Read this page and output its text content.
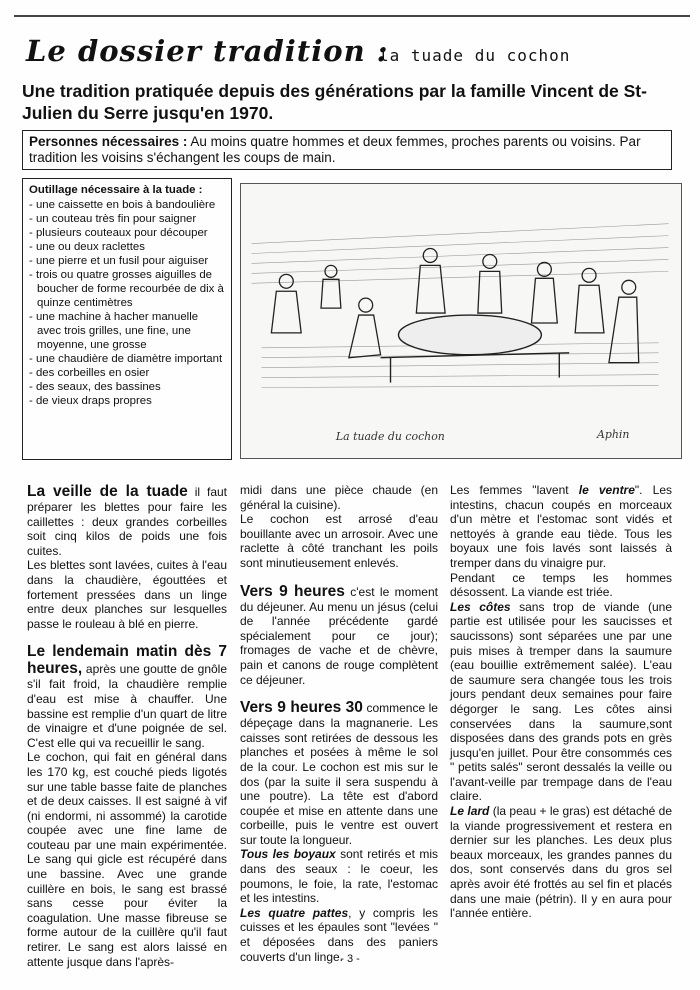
Le dossier tradition :
la tuade du cochon
Une tradition pratiquée depuis des générations par la famille Vincent de St-Julien du Serre jusqu'en 1970.
Personnes nécessaires : Au moins quatre hommes et deux femmes, proches parents ou voisins. Par tradition les voisins s'échangent les coups de main.
Outillage nécessaire à la tuade :
- une caissette en bois à bandoulière
- un couteau très fin pour saigner
- plusieurs couteaux pour découper
- une ou deux raclettes
- une pierre et un fusil pour aiguiser
- trois ou quatre grosses aiguilles de boucher de forme recourbée de dix à quinze centimètres
- une machine à hacher manuelle avec trois grilles, une fine, une moyenne, une grosse
- une chaudière de diamètre important
- des corbeilles en osier
- des seaux, des bassines
- de vieux draps propres
La tuade du cochon	Aphin

La veille de la tuade il faut préparer les blettes pour faire les caillettes : deux grandes corbeilles soit cinq kilos de poids une fois cuites.

Les blettes sont lavées, cuites à l'eau dans la chaudière, égouttées et fortement pressées dans un linge entre deux planches sur lesquelles passe le rouleau à blé en pierre.

Le lendemain matin dès 7 heures, après une goutte de gnôle s'il fait froid, la chaudière remplie d'eau est mise à chauffer. Une bassine est remplie d'un quart de litre de vinaigre et d'une poignée de sel. C'est elle qui va recueillir le sang.

Le cochon, qui fait en général dans les 170 kg, est couché pieds ligotés sur une table basse faite de planches et de deux caisses. Il est saigné à vif (ni endormi, ni assommé) la carotide coupée avec une fine lame de couteau par une main expérimentée. Le sang qui gicle est récupéré dans une bassine. Avec une grande cuillère en bois, le sang est brassé sans cesse pour éviter la coagulation. Une masse fibreuse se forme autour de la cuillère qu'il faut retirer. Le sang est alors laissé en attente jusque dans l'après-

midi dans une pièce chaude (en général la cuisine).

Le cochon est arrosé d'eau bouillante avec un arrosoir. Avec une raclette à côté tranchant les poils sont minutieusement enlevés.

Vers 9 heures c'est le moment du déjeuner. Au menu un jésus (celui de l'année précédente gardé spécialement pour ce jour); fromages de vache et de chèvre, pain et canons de rouge complètent ce déjeuner.

Vers 9 heures 30 commence le dépeçage dans la magnanerie. Les caisses sont retirées de dessous les planches et posées à même le sol de la cour. Le cochon est mis sur le dos (par la suite il sera suspendu à une poutre). La tête est d'abord coupée et mise en attente dans une corbeille, puis le ventre est ouvert sur toute la longueur.

Tous les boyaux sont retirés et mis dans des seaux : le coeur, les poumons, le foie, la rate, l'estomac et les intestins.

Les quatre pattes, y compris les cuisses et les épaules sont "levées " et déposées dans des paniers couverts d'un linge.

Les femmes "lavent le ventre". Les intestins, chacun coupés en morceaux d'un mètre et l'estomac sont vidés et nettoyés à grande eau tiède. Tous les boyaux une fois lavés sont laissés à tremper dans du vinaigre pur.

Pendant ce temps les hommes désossent. La viande est triée.

Les côtes sans trop de viande (une partie est utilisée pour les saucisses et saucissons) sont séparées une par une puis mises à tremper dans la saumure (eau bouillie extrêmement salée). L'eau de saumure sera changée tous les trois jours pendant deux semaines pour faire dégorger le sang. Les côtes ainsi conservées dans la saumure,sont disposées dans des grands pots en grès jusqu'en juillet. Pour être consommés ces " petits salés" seront dessalés la veille ou l'avant-veille par trempage dans de l'eau claire.

Le lard (la peau + le gras) est détaché de la viande progressivement et restera en dernier sur les planches. Les deux plus beaux morceaux, les grandes pannes du dos, sont conservés dans du gros sel après avoir été frottés au sel fin et placés dans une maie (pétrin). Il y en aura pour l'année entière.

- 3 -
